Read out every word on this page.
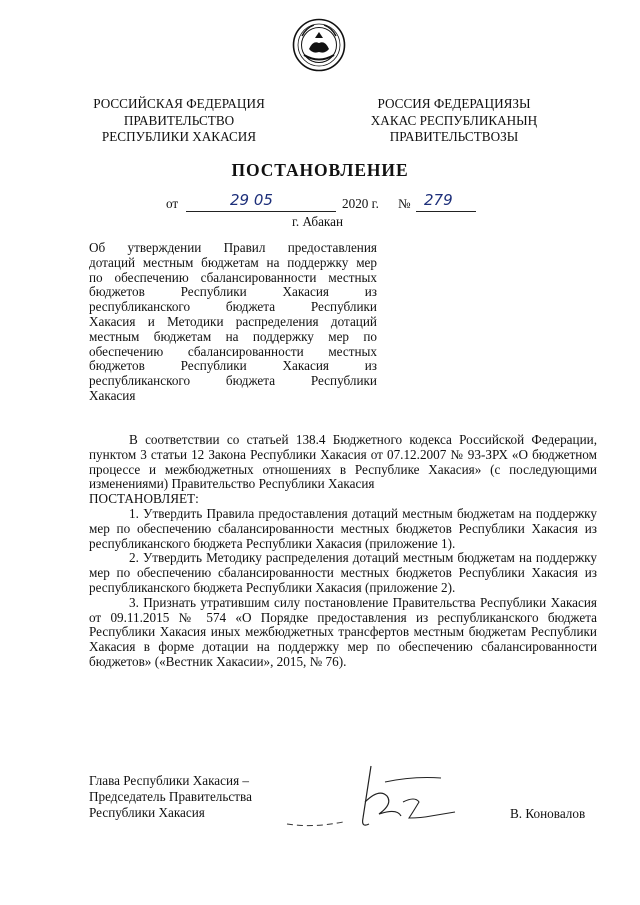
РОССИЙСКАЯ ФЕДЕРАЦИЯ
ПРАВИТЕЛЬСТВО
РЕСПУБЛИКИ ХАКАСИЯ
РОССИЯ ФЕДЕРАЦИЯЗЫ
ХАКАС РЕСПУБЛИКАНЫҢ
ПРАВИТЕЛЬСТВОЗЫ
ПОСТАНОВЛЕНИЕ
от	29 05	2020 г. № 279
г. Абакан
Об утверждении Правил предоставления
дотаций местным бюджетам на поддержку мер
по обеспечению сбалансированности местных
бюджетов Республики Хакасия из
республиканского бюджета Республики
Хакасия и Методики распределения дотаций
местным бюджетам на поддержку мер по
обеспечению сбалансированности местных
бюджетов Республики Хакасия из
республиканского бюджета Республики
Хакасия

В соответствии со статьей 138.4 Бюджетного кодекса Российской Федерации, пунктом 3 статьи 12 Закона Республики Хакасия от 07.12.2007 № 93-ЗРХ «О бюджетном процессе и межбюджетных отношениях в Республике Хакасия» (с последующими изменениями) Правительство Республики Хакасия

ПОСТАНОВЛЯЕТ:

1. Утвердить Правила предоставления дотаций местным бюджетам на поддержку мер по обеспечению сбалансированности местных бюджетов Республики Хакасия из республиканского бюджета Республики Хакасия (приложение 1).

2. Утвердить Методику распределения дотаций местным бюджетам на поддержку мер по обеспечению сбалансированности местных бюджетов Республики Хакасия из республиканского бюджета Республики Хакасия (приложение 2).

3. Признать утратившим силу постановление Правительства Республики Хакасия от 09.11.2015 № 574 «О Порядке предоставления из республиканского бюджета Республики Хакасия иных межбюджетных трансфертов местным бюджетам Республики Хакасия в форме дотации на поддержку мер по обеспечению сбалансированности бюджетов» («Вестник Хакасии», 2015, № 76).

Глава Республики Хакасия –
Председатель Правительства
Республики Хакасия	В. Коновалов
